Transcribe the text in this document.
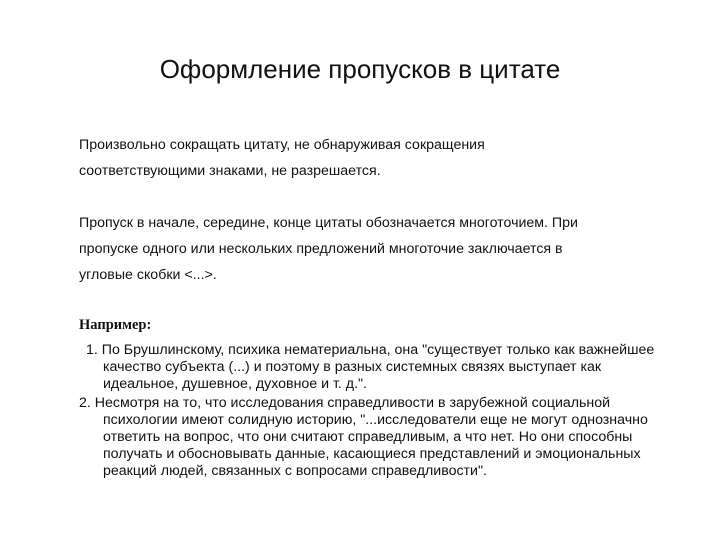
Оформление пропусков в цитате

Произвольно сокращать цитату, не обнаруживая сокращения соответствующими знаками, не разрешается.

Пропуск в начале, середине, конце цитаты обозначается многоточием. При пропуске одного или нескольких предложений многоточие заключается в угловые скобки <...>.

Например:

1. По Брушлинскому, психика нематериальна, она "существует только как важнейшее качество субъекта (...) и поэтому в разных системных связях выступает как идеальное, душевное, духовное и т. д.".

2. Несмотря на то, что исследования справедливости в зарубежной социальной психологии имеют солидную историю, "...исследователи еще не могут однозначно ответить на вопрос, что они считают справедливым, а что нет. Но они способны получать и обосновывать данные, касающиеся представлений и эмоциональных реакций людей, связанных с вопросами справедливости".
